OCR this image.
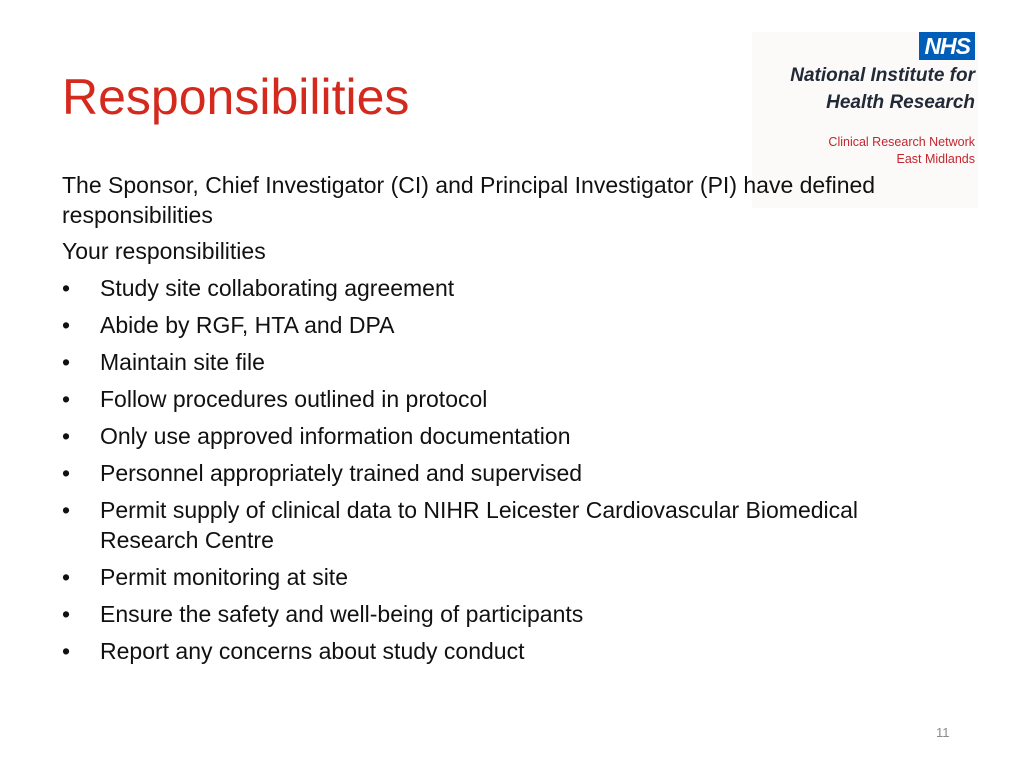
Responsibilities
NHS
National Institute for
Health Research
Clinical Research Network
East Midlands
The Sponsor, Chief Investigator (CI) and Principal Investigator (PI) have defined responsibilities
Your responsibilities
•	Study site collaborating agreement
•	Abide by RGF, HTA and DPA
•	Maintain site file
•	Follow procedures outlined in protocol
•	Only use approved information documentation
•	Personnel appropriately trained and supervised
•	Permit supply of clinical data to NIHR Leicester Cardiovascular Biomedical Research Centre
•	Permit monitoring at site
•	Ensure the safety and well-being of participants
•	Report any concerns about study conduct
11
